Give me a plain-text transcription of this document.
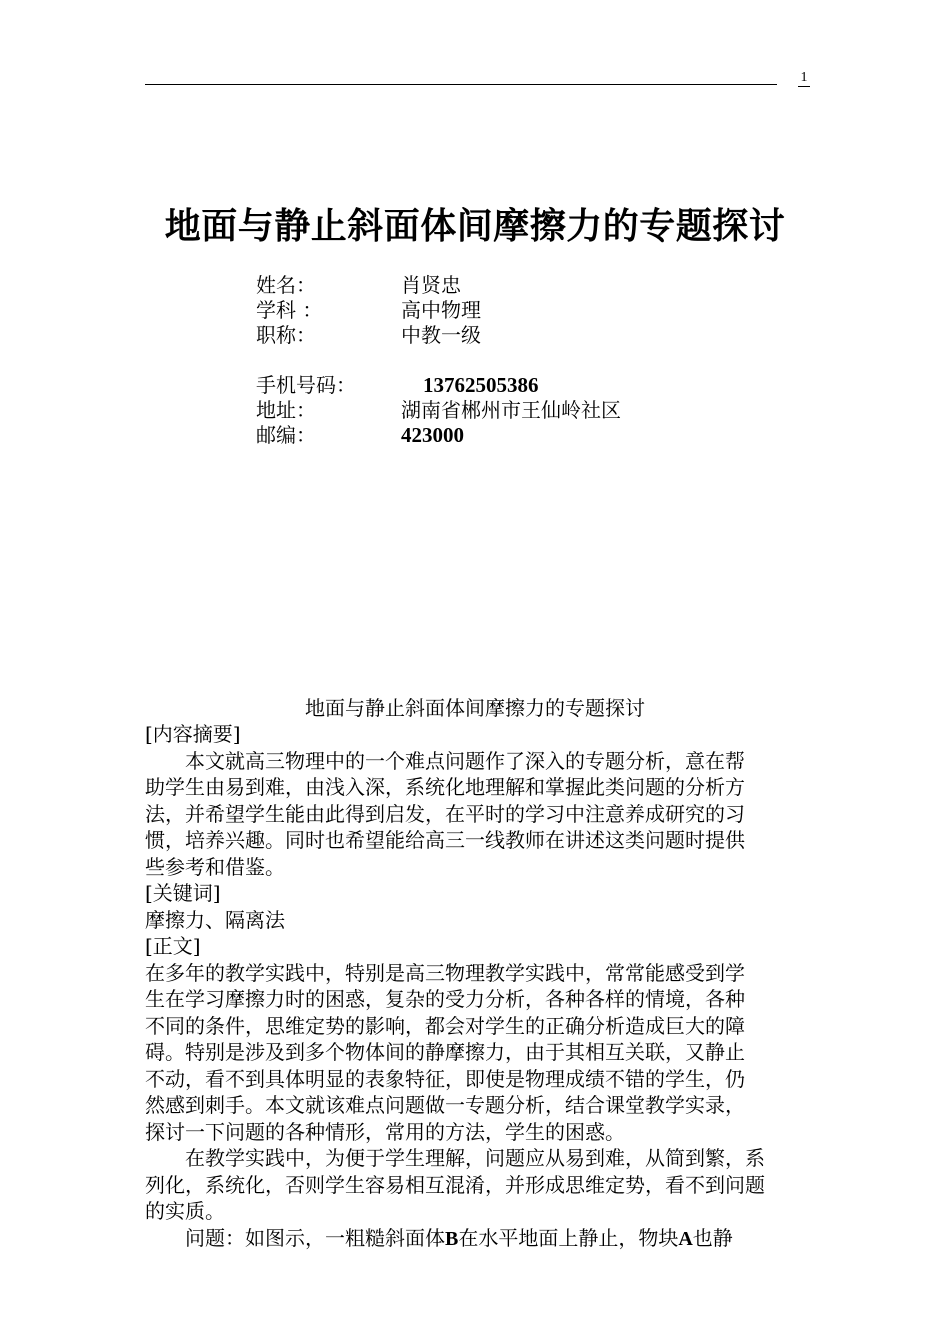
1
地面与静止斜面体间摩擦力的专题探讨
姓名：	肖贤忠
学科 ：	高中物理
职称：	中教一级
手机号码：	13762505386
地址：	湖南省郴州市王仙岭社区
邮编：	423000
地面与静止斜面体间摩擦力的专题探讨
[内容摘要]
本文就高三物理中的一个难点问题作了深入的专题分析，意在帮
助学生由易到难，由浅入深，系统化地理解和掌握此类问题的分析方
法，并希望学生能由此得到启发，在平时的学习中注意养成研究的习
惯，培养兴趣。同时也希望能给高三一线教师在讲述这类问题时提供
些参考和借鉴。
[关键词]
摩擦力、隔离法
[正文]
在多年的教学实践中，特别是高三物理教学实践中，常常能感受到学
生在学习摩擦力时的困惑，复杂的受力分析，各种各样的情境，各种
不同的条件，思维定势的影响，都会对学生的正确分析造成巨大的障
碍。特别是涉及到多个物体间的静摩擦力，由于其相互关联，又静止
不动，看不到具体明显的表象特征，即使是物理成绩不错的学生，仍
然感到刺手。本文就该难点问题做一专题分析，结合课堂教学实录，
探讨一下问题的各种情形，常用的方法，学生的困惑。
在教学实践中，为便于学生理解，问题应从易到难，从简到繁，系
列化，系统化，否则学生容易相互混淆，并形成思维定势，看不到问题
的实质。
问题：如图示，一粗糙斜面体B在水平地面上静止，物块A也静
